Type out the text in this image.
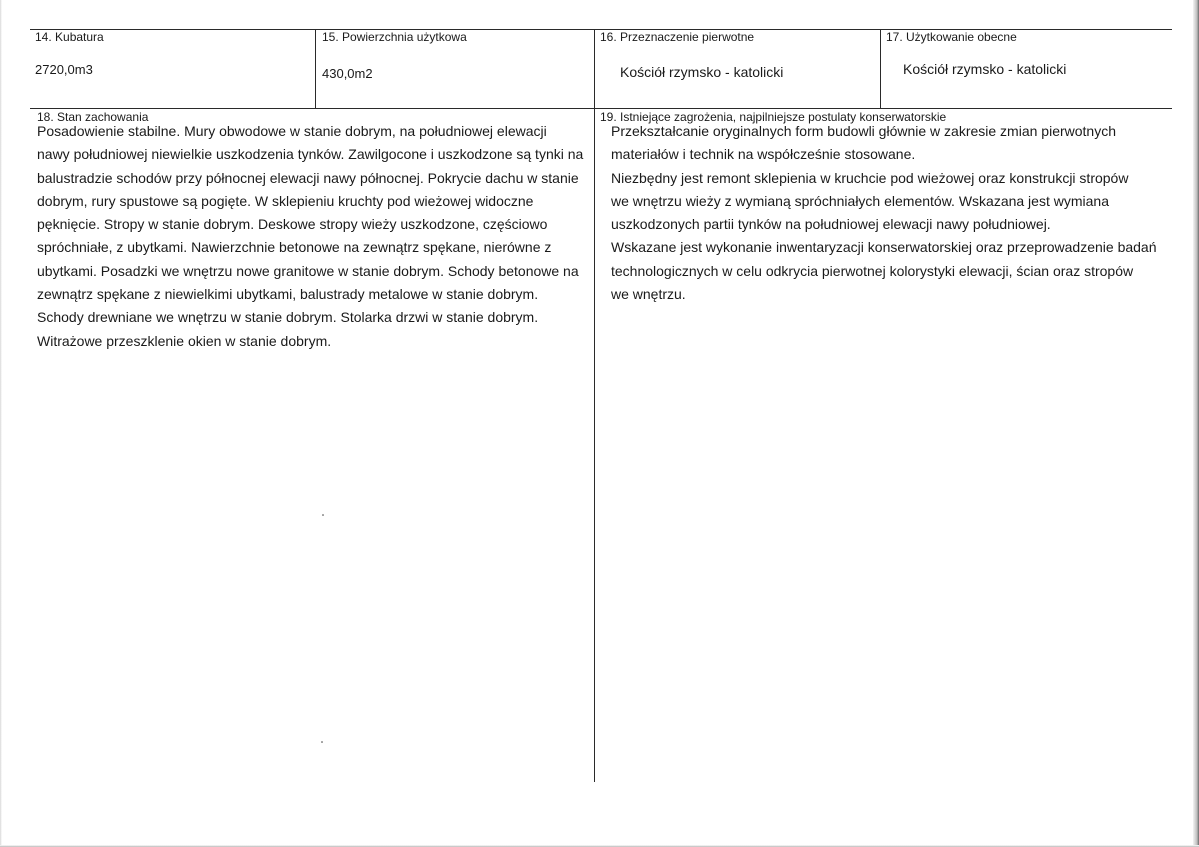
14. Kubatura
2720,0m3
15. Powierzchnia użytkowa
430,0m2
16. Przeznaczenie pierwotne
Kościół rzymsko - katolicki
17. Użytkowanie obecne
Kościół rzymsko - katolicki
18. Stan zachowania
Posadowienie stabilne. Mury obwodowe w stanie dobrym, na południowej elewacji
nawy południowej niewielkie uszkodzenia tynków. Zawilgocone i uszkodzone są tynki na
balustradzie schodów przy północnej elewacji nawy północnej. Pokrycie dachu w stanie
dobrym, rury spustowe są pogięte. W sklepieniu kruchty pod wieżowej widoczne
pęknięcie. Stropy w stanie dobrym. Deskowe stropy wieży uszkodzone, częściowo
spróchniałe, z ubytkami. Nawierzchnie betonowe na zewnątrz spękane, nierówne z
ubytkami. Posadzki we wnętrzu nowe granitowe w stanie dobrym. Schody betonowe na
zewnątrz spękane z niewielkimi ubytkami, balustrady metalowe w stanie dobrym.
Schody drewniane we wnętrzu w stanie dobrym. Stolarka drzwi w stanie dobrym.
Witrażowe przeszklenie okien w stanie dobrym.
19. Istniejące zagrożenia, najpilniejsze postulaty konserwatorskie
Przekształcanie oryginalnych form budowli głównie w zakresie zmian pierwotnych
materiałów i technik na współcześnie stosowane.
Niezbędny jest remont sklepienia w kruchcie pod wieżowej oraz konstrukcji stropów
we wnętrzu wieży z wymianą spróchniałych elementów. Wskazana jest wymiana
uszkodzonych partii tynków na południowej elewacji nawy południowej.
Wskazane jest wykonanie inwentaryzacji konserwatorskiej oraz przeprowadzenie badań
technologicznych w celu odkrycia pierwotnej kolorystyki elewacji, ścian oraz stropów
we wnętrzu.
